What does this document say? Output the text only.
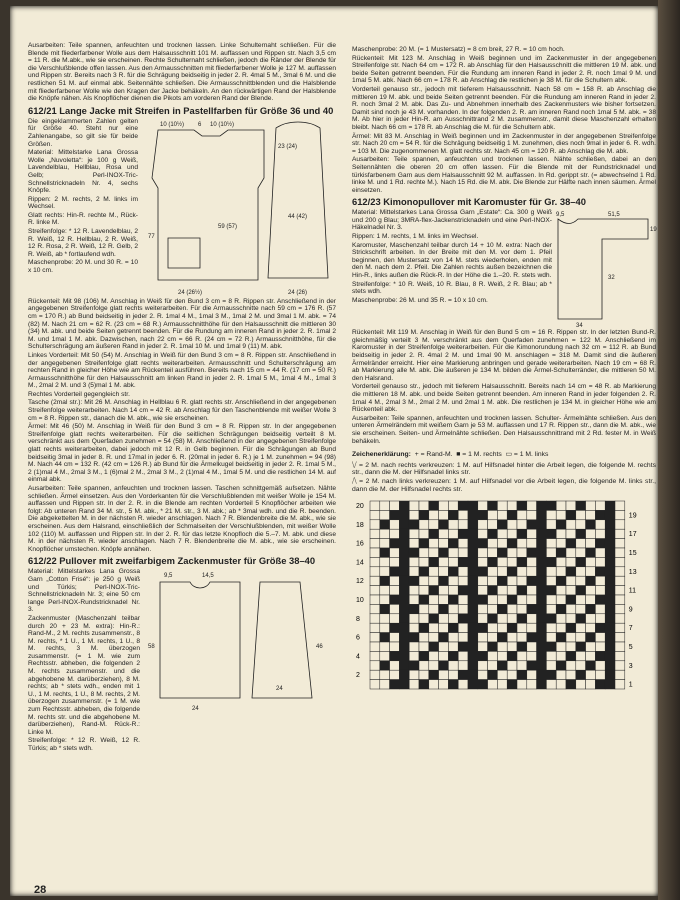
Ausarbeiten: Teile spannen, anfeuchten und trocknen lassen. Linke Schulternaht schließen. Für die Blende mit fliederfarbener Wolle aus dem Halsausschnitt 101 M. auffassen und Rippen str. Nach 3,5 cm = 11 R. die M.abk., wie sie erscheinen. Rechte Schulternaht schließen, jedoch die Ränder der Blende für die Verschlußblende offen lassen. Aus den Armausschnitten mit fliederfarbener Wolle je 127 M. auffassen und Rippen str. Bereits nach 3 R. für die Schrägung beidseitig in jeder 2. R. 4mal 5 M., 3mal 6 M. und die restlichen 51 M. auf einmal abk. Seitennähte schließen. Die Armausschnittblenden und die Halsblende mit fliederfarbener Wolle wie den Kragen der Jacke behäkeln. An den rückwärtigen Rand der Halsblende die Knöpfe nähen. Als Knopflöcher dienen die Pikots am vorderen Rand der Blende.

612/21 Lange Jacke mit Streifen in Pastellfarben für Größe 36 und 40

Die eingeklammerten Zahlen gelten für Größe 40. Steht nur eine Zahlenangabe, so gilt sie für beide Größen.

Material: Mittelstarke Lana Grossa Wolle „Nuvoletta“: je 100 g Weiß, Lavendelblau, Hellblau, Rosa und Gelb; Perl-INOX-Tric-Schnellstricknadeln Nr. 4, sechs Knöpfe.

Rippen: 2 M. rechts, 2 M. links im Wechsel.

Glatt rechts: Hin-R. rechte M., Rück-R. linke M.

Streifenfolge: * 12 R. Lavendelblau, 2 R. Weiß, 12 R. Hellblau, 2 R. Weiß, 12 R. Rosa, 2 R. Weiß, 12 R. Gelb, 2 R. Weiß, ab * fortlaufend wdh.

Maschenprobe: 20 M. und 30 R. = 10 x 10 cm.

10 (10½) 6 10 (10½)
23 (24)
44 (42)
77
59 (57)
24 (26½)	24 (26)

Rückenteil: Mit 98 (106) M. Anschlag in Weiß für den Bund 3 cm = 8 R. Rippen str. Anschließend in der angegebenen Streifenfolge glatt rechts weiterarbeiten. Für die Armausschnitte nach 59 cm = 176 R. (57 cm = 170 R.) ab Bund beidseitig in jeder 2. R. 1mal 4 M., 1mal 3 M., 1mal 2 M. und 3mal 1 M. abk. = 74 (82) M. Nach 21 cm = 62 R. (23 cm = 68 R.) Armausschnitthöhe für den Halsausschnitt die mittleren 30 (34) M. abk. und beide Seiten getrennt beenden. Für die Rundung am inneren Rand in jeder 2. R. 1mal 2 M. und 1mal 1 M. abk. Dazwischen, nach 22 cm = 66 R. (24 cm = 72 R.) Armausschnitthöhe, für die Schulterschrägung am äußeren Rand in jeder 2. R. 1mal 10 M. und 1mal 9 (11) M. abk.

Linkes Vorderteil: Mit 50 (54) M. Anschlag in Weiß für den Bund 3 cm = 8 R. Rippen str. Anschließend in der angegebenen Streifenfolge glatt rechts weiterarbeiten. Armausschnitt und Schulterschrägung am rechten Rand in gleicher Höhe wie am Rückenteil ausführen. Bereits nach 15 cm = 44 R. (17 cm = 50 R.) Armausschnitthöhe für den Halsausschnitt am linken Rand in jeder 2. R. 1mal 5 M., 1mal 4 M., 1mal 3 M., 2mal 2 M. und 3 (5)mal 1 M. abk.

Rechtes Vorderteil gegengleich str.

Tasche (2mal str.): Mit 26 M. Anschlag in Hellblau 6 R. glatt rechts str. Anschließend in der angegebenen Streifenfolge weiterarbeiten. Nach 14 cm = 42 R. ab Anschlag für den Taschenblende mit weißer Wolle 3 cm = 8 R. Rippen str., danach die M. abk., wie sie erscheinen.

Ärmel: Mit 46 (50) M. Anschlag in Weiß für den Bund 3 cm = 8 R. Rippen str. In der angegebenen Streifenfolge glatt rechts weiterarbeiten. Für die seitlichen Schrägungen beidseitig verteilt 8 M. verschränkt aus dem Querfaden zunehmen = 54 (58) M. Anschließend in der angegebenen Streifenfolge glatt rechts weiterarbeiten, dabei jedoch mit 12 R. in Gelb beginnen. Für die Schrägungen ab Bund beidseitig 3mal in jeder 8. R. und 17mal in jeder 6. R. (20mal in jeder 6. R.) je 1 M. zunehmen = 94 (98) M. Nach 44 cm = 132 R. (42 cm = 126 R.) ab Bund für die Ärmelkugel beidseitig in jeder 2. R. 1mal 5 M., 2 (1)mal 4 M., 2mal 3 M., 1 (6)mal 2 M., 2mal 3 M., 2 (1)mal 4 M., 1mal 5 M. und die restlichen 14 M. auf einmal abk.

Ausarbeiten: Teile spannen, anfeuchten und trocknen lassen. Taschen schnittgemäß aufsetzen. Nähte schließen. Ärmel einsetzen. Aus den Vorderkanten für die Verschlußblenden mit weißer Wolle je 154 M. auffassen und Rippen str. In der 2. R. in die Blende am rechten Vorderteil 5 Knopflöcher arbeiten wie folgt: Ab unteren Rand 34 M. str., 5 M. abk., * 21 M. str., 3 M. abk.; ab * 3mal wdh. und die R. beenden. Die abgekettelten M. in der nächsten R. wieder anschlagen. Nach 7 R. Blendenbreite die M. abk., wie sie erscheinen. Aus dem Halsrand, einschließlich der Schmalseiten der Verschlußblenden, mit weißer Wolle 102 (110) M. auffassen und Rippen str. In der 2. R. für das letzte Knopfloch die 5.–7. M. abk. und diese M. in der nächsten R. wieder anschlagen. Nach 7 R. Blendenbreite die M. abk., wie sie erscheinen. Knopflöcher umstechen. Knöpfe annähen.

612/22 Pullover mit zweifarbigem Zackenmuster für Größe 38–40

Material: Mittelstarkes Lana Grossa Garn „Cotton Frisé“: je 250 g Weiß und Türkis; Perl-INOX-Tric-Schnellstricknadeln Nr. 3; eine 50 cm lange Perl-INOX-Rundstricknadel Nr. 3.

Zackenmuster (Maschenzahl teilbar durch 20 + 23 M. extra): Hin-R.: Rand-M., 2 M. rechts zusammenstr., 8 M. rechts, * 1 U., 1 M. rechts, 1 U., 8 M. rechts, 3 M. überzogen zusammenstr. (= 1 M. wie zum Rechtsstr. abheben, die folgenden 2 M. rechts zusammenstr. und die abgehobene M. darüberziehen), 8 M. rechts; ab * stets wdh., enden mit 1 U., 1 M. rechts, 1 U., 8 M. rechts, 2 M. überzogen zusammenstr. (= 1 M. wie zum Rechtsstr. abheben, die folgende M. rechts str. und die abgehobene M. darüberziehen), Rand-M. Rück-R.: Linke M.

Streifenfolge: * 12 R. Weiß, 12 R. Türkis; ab * stets wdh.

9,5	14,5
58
24
46
24

Maschenprobe: 20 M. (= 1 Mustersatz) = 8 cm breit, 27 R. = 10 cm hoch.

Rückenteil: Mit 123 M. Anschlag in Weiß beginnen und im Zackenmuster in der angegebenen Streifenfolge str. Nach 64 cm = 172 R. ab Anschlag für den Halsausschnitt die mittleren 19 M. abk. und beide Seiten getrennt beenden. Für die Rundung am inneren Rand in jeder 2. R. noch 1mal 9 M. und 1mal 5 M. abk. Nach 66 cm = 178 R. ab Anschlag die restlichen je 38 M. für die Schultern abk.

Vorderteil genauso str., jedoch mit tieferem Halsausschnitt. Nach 58 cm = 158 R. ab Anschlag die mittleren 19 M. abk. und beide Seiten getrennt beenden. Für die Rundung am inneren Rand in jeder 2. R. noch 3mal 2 M. abk. Das Zu- und Abnehmen innerhalb des Zackenmusters wie bisher fortsetzen. Damit sind noch je 43 M. vorhanden. In der folgenden 2. R. am inneren Rand noch 1mal 5 M. abk. = 38 M. Ab hier in jeder Hin-R. am Ausschnittrand 2 M. zusammenstr., damit diese Maschenzahl erhalten bleibt. Nach 66 cm = 178 R. ab Anschlag die M. für die Schultern abk.

Ärmel: Mit 83 M. Anschlag in Weiß beginnen und im Zackenmuster in der angegebenen Streifenfolge str. Nach 20 cm = 54 R. für die Schrägung beidseitig 1 M. zunehmen, dies noch 9mal in jeder 6. R. wdh. = 103 M. Die zugenommenen M. glatt rechts str. Nach 45 cm = 120 R. ab Anschlag die M. abk.

Ausarbeiten: Teile spannen, anfeuchten und trocknen lassen. Nähte schließen, dabei an den Seitennähten die oberen 20 cm offen lassen. Für die Blende mit der Rundstricknadel und türkisfarbenem Garn aus dem Halsausschnitt 92 M. auffassen. In Rd. gerippt str. (= abwechselnd 1 Rd. linke M. und 1 Rd. rechte M.). Nach 15 Rd. die M. abk. Die Blende zur Hälfte nach innen säumen. Ärmel einsetzen.

612/23 Kimonopullover mit Karomuster für Gr. 38–40

Material: Mittelstarkes Lana Grossa Garn „Estate“: Ca. 300 g Weiß und 200 g Blau; 3MRA-flex-Jackenstricknadeln und eine Perl-INOX-Häkelnadel Nr. 3.

Rippen: 1 M. rechts, 1 M. links im Wechsel.

Karomuster, Maschenzahl teilbar durch 14 + 10 M. extra: Nach der Strickschrift arbeiten. In der Breite mit den M. vor dem 1. Pfeil beginnen, den Mustersatz von 14 M. stets wiederholen, enden mit den M. nach dem 2. Pfeil. Die Zahlen rechts außen bezeichnen die Hin-R., links außen die Rück-R. In der Höhe die 1.–20. R. stets wdh.

Streifenfolge: * 10 R. Weiß, 10 R. Blau, 8 R. Weiß, 2 R. Blau; ab * stets wdh.

Maschenprobe: 26 M. und 35 R. = 10 x 10 cm.

9,5	51,5
19
32
34

Rückenteil: Mit 119 M. Anschlag in Weiß für den Bund 5 cm = 16 R. Rippen str. In der letzten Bund-R. gleichmäßig verteilt 3 M. verschränkt aus dem Querfaden zunehmen = 122 M. Anschließend im Karomuster in der Streifenfolge weiterarbeiten. Für die Kimonorundung nach 32 cm = 112 R. ab Bund beidseitig in jeder 2. R. 4mal 2 M. und 1mal 90 M. anschlagen = 318 M. Damit sind die äußeren Ärmelränder erreicht. Hier eine Markierung anbringen und gerade weiterarbeiten. Nach 19 cm = 68 R. ab Markierung alle M. abk. Die äußeren je 134 M. bilden die Ärmel-Schulterränder, die mittleren 50 M. den Halsrand.

Vorderteil genauso str., jedoch mit tieferem Halsausschnitt. Bereits nach 14 cm = 48 R. ab Markierung die mittleren 18 M. abk. und beide Seiten getrennt beenden. Am inneren Rand in jeder folgenden 2. R. 1mal 4 M., 2mal 3 M., 2mal 2 M. und 2mal 1 M. abk. Die restlichen je 134 M. in gleicher Höhe wie am Rückenteil abk.

Ausarbeiten: Teile spannen, anfeuchten und trocknen lassen. Schulter- Ärmelnähte schließen. Aus den unteren Ärmelrändern mit weißem Garn je 53 M. auffassen und 17 R. Rippen str., dann die M. abk., wie sie erscheinen. Seiten- und Ärmelnähte schließen. Den Halsausschnittrand mit 2 Rd. fester M. in Weiß behäkeln.

Zeichenerklärung: + = Rand-M. ■ = 1 M. rechts ▭ = 1 M. links

⧹⧸ = 2 M. nach rechts verkreuzen: 1 M. auf Hilfsnadel hinter die Arbeit legen, die folgende M. rechts str., dann die M. der Hilfsnadel links str.

⧸⧹ = 2 M. nach links verkreuzen: 1 M. auf Hilfsnadel vor die Arbeit legen, die folgende M. links str., dann die M. der Hilfsnadel rechts str.

20
18
16
14
12
10
8
6
4
2
19
17
15
13
11
9
7
5
3
1
28
